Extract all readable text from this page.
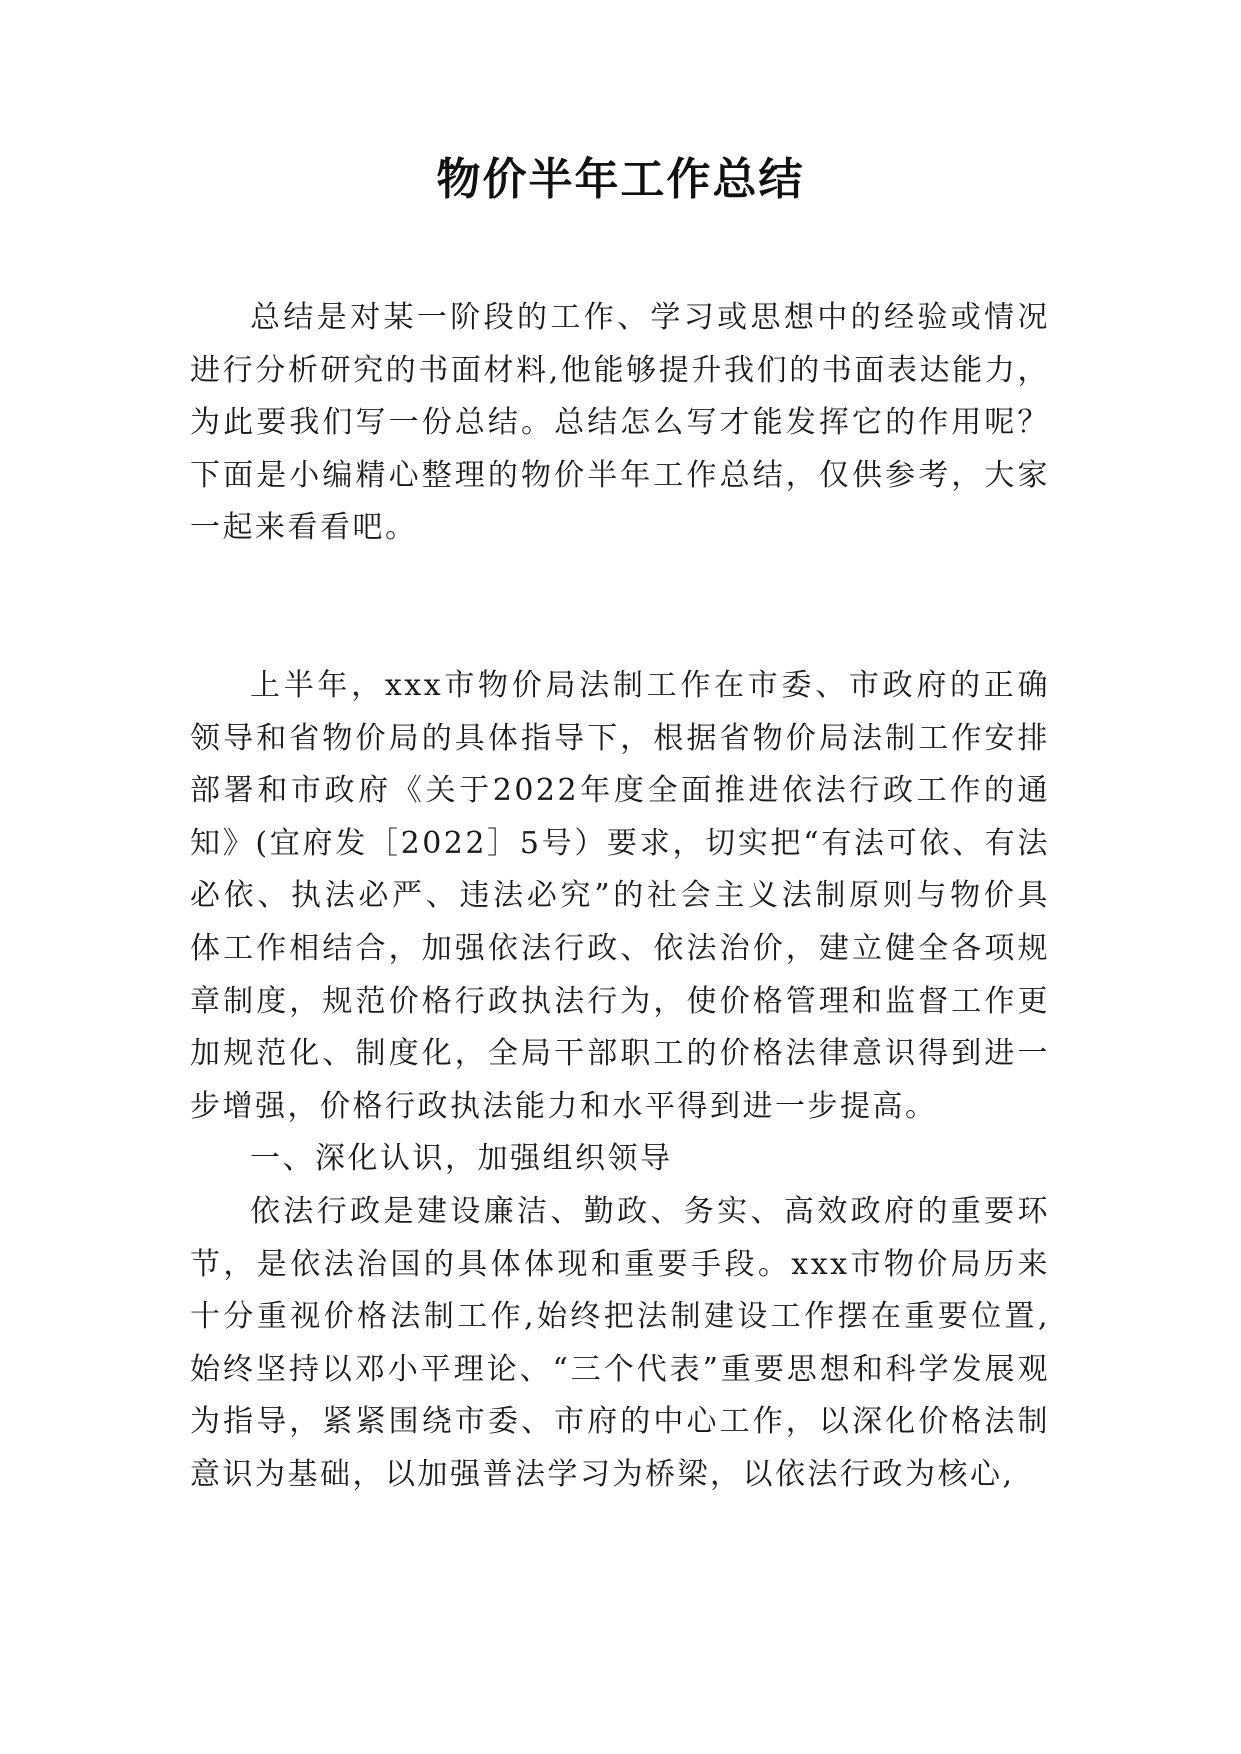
物价半年工作总结

总结是对某一阶段的工作、学习或思想中的经验或情况进行分析研究的书面材料,他能够提升我们的书面表达能力，为此要我们写一份总结。总结怎么写才能发挥它的作用呢？下面是小编精心整理的物价半年工作总结，仅供参考，大家一起来看看吧。

上半年，xxx市物价局法制工作在市委、市政府的正确领导和省物价局的具体指导下，根据省物价局法制工作安排部署和市政府《关于2022年度全面推进依法行政工作的通知》(宜府发［2022］5号）要求，切实把“有法可依、有法必依、执法必严、违法必究”的社会主义法制原则与物价具体工作相结合，加强依法行政、依法治价，建立健全各项规章制度，规范价格行政执法行为，使价格管理和监督工作更加规范化、制度化，全局干部职工的价格法律意识得到进一步增强，价格行政执法能力和水平得到进一步提高。

一、深化认识，加强组织领导

依法行政是建设廉洁、勤政、务实、高效政府的重要环节，是依法治国的具体体现和重要手段。xxx市物价局历来十分重视价格法制工作,始终把法制建设工作摆在重要位置,始终坚持以邓小平理论、“三个代表”重要思想和科学发展观为指导，紧紧围绕市委、市府的中心工作，以深化价格法制意识为基础，以加强普法学习为桥梁，以依法行政为核心,
